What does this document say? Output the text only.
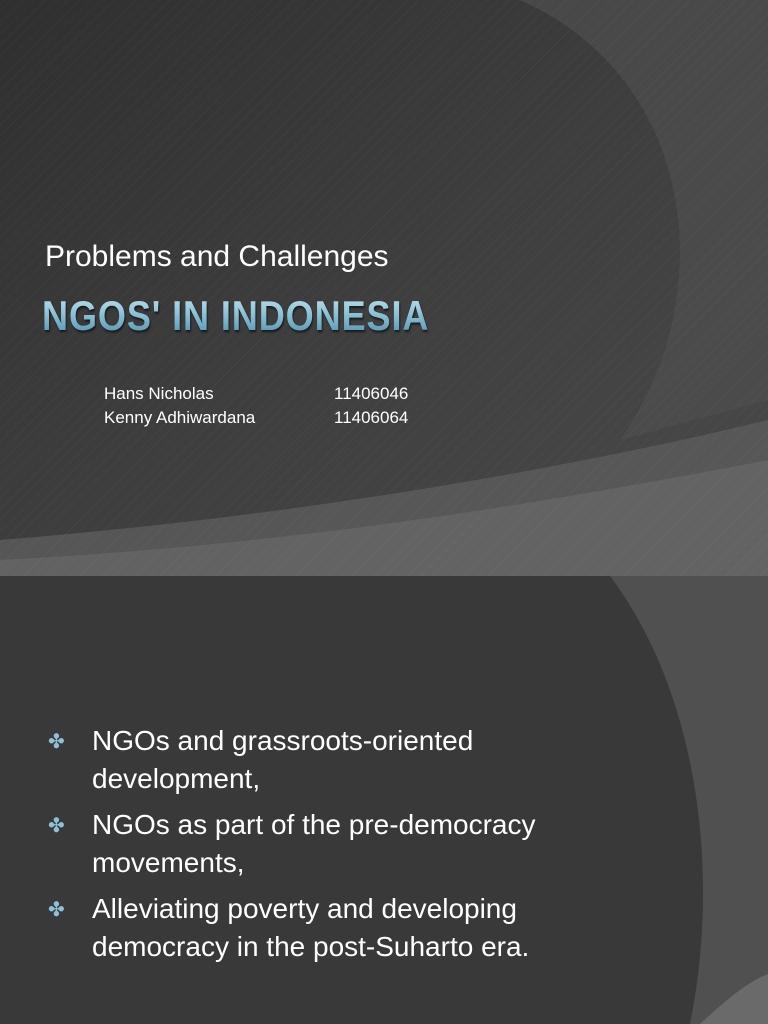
Problems and Challenges
NGOS' IN INDONESIA
Hans Nicholas	11406046
Kenny Adhiwardana	11406064
✤ NGOs and grassroots-oriented development,
✤ NGOs as part of the pre-democracy movements,
✤ Alleviating poverty and developing democracy in the post-Suharto era.
